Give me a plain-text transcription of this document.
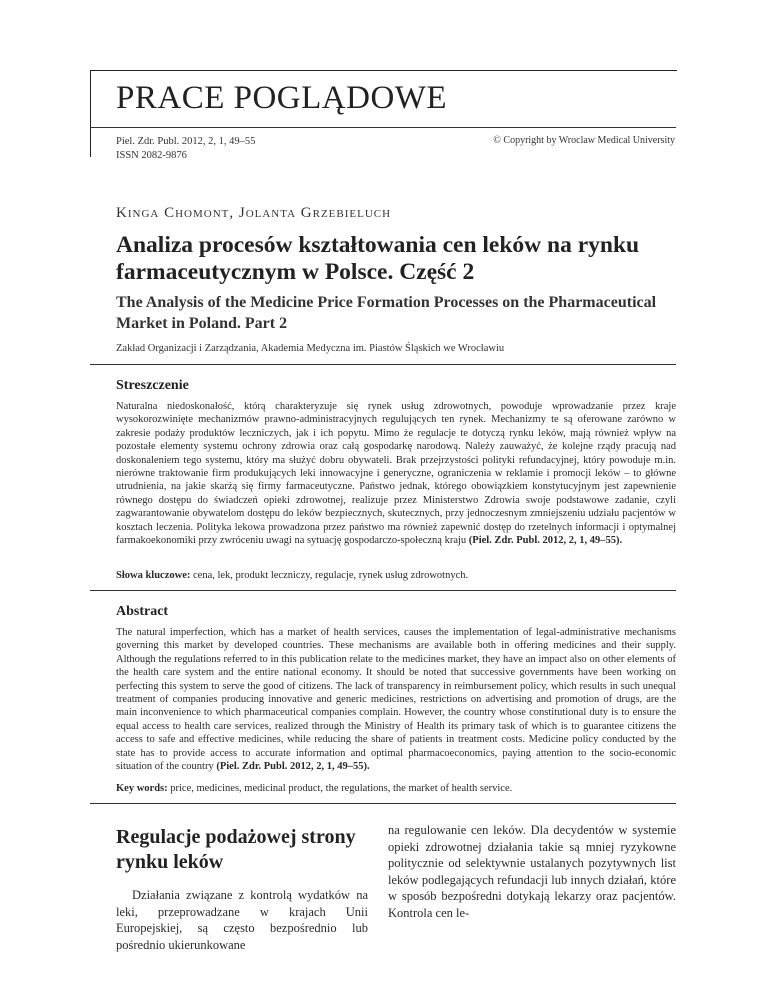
PRACE POGLĄDOWE
Piel. Zdr. Publ. 2012, 2, 1, 49–55
ISSN 2082-9876
© Copyright by Wroclaw Medical University
Kinga Chomont, Jolanta Grzebieluch
Analiza procesów kształtowania cen leków na rynku farmaceutycznym w Polsce. Część 2
The Analysis of the Medicine Price Formation Processes on the Pharmaceutical Market in Poland. Part 2
Zakład Organizacji i Zarządzania, Akademia Medyczna im. Piastów Śląskich we Wrocławiu
Streszczenie

Naturalna niedoskonałość, którą charakteryzuje się rynek usług zdrowotnych, powoduje wprowadzanie przez kraje wysokorozwinięte mechanizmów prawno-administracyjnych regulujących ten rynek. Mechanizmy te są oferowane zarówno w zakresie podaży produktów leczniczych, jak i ich popytu. Mimo że regulacje te dotyczą rynku leków, mają również wpływ na pozostałe elementy systemu ochrony zdrowia oraz całą gospodarkę narodową. Należy zauważyć, że kolejne rządy pracują nad doskonaleniem tego systemu, który ma służyć dobru obywateli. Brak przejrzystości polityki refundacyjnej, który powoduje m.in. nierówne traktowanie firm produkujących leki innowacyjne i generyczne, ograniczenia w reklamie i promocji leków – to główne utrudnienia, na jakie skarżą się firmy farmaceutyczne. Państwo jednak, którego obowiązkiem konstytucyjnym jest zapewnienie równego dostępu do świadczeń opieki zdrowotnej, realizuje przez Ministerstwo Zdrowia swoje podstawowe zadanie, czyli zagwarantowanie obywatelom dostępu do leków bezpiecznych, skutecznych, przy jednoczesnym zmniejszeniu udziału pacjentów w kosztach leczenia. Polityka lekowa prowadzona przez państwo ma również zapewnić dostęp do rzetelnych informacji i optymalnej farmakoekonomiki przy zwróceniu uwagi na sytuację gospodarczo-społeczną kraju (Piel. Zdr. Publ. 2012, 2, 1, 49–55).

Słowa kluczowe: cena, lek, produkt leczniczy, regulacje, rynek usług zdrowotnych.
Abstract

The natural imperfection, which has a market of health services, causes the implementation of legal-administrative mechanisms governing this market by developed countries. These mechanisms are available both in offering medicines and their supply. Although the regulations referred to in this publication relate to the medicines market, they have an impact also on other elements of the health care system and the entire national economy. It should be noted that successive governments have been working on perfecting this system to serve the good of citizens. The lack of transparency in reimbursement policy, which results in such unequal treatment of companies producing innovative and generic medicines, restrictions on advertising and promotion of drugs, are the main inconvenience to which pharmaceutical companies complain. However, the country whose constitutional duty is to ensure the equal access to health care services, realized through the Ministry of Health its primary task of which is to guarantee citizens the access to safe and effective medicines, while reducing the share of patients in treatment costs. Medicine policy conducted by the state has to provide access to accurate information and optimal pharmacoeconomics, paying attention to the socio-economic situation of the country (Piel. Zdr. Publ. 2012, 2, 1, 49–55).

Key words: price, medicines, medicinal product, the regulations, the market of health service.
Regulacje podażowej strony rynku leków

Działania związane z kontrolą wydatków na leki, przeprowadzane w krajach Unii Europejskiej, są często bezpośrednio lub pośrednio ukierunkowane

na regulowanie cen leków. Dla decydentów w systemie opieki zdrowotnej działania takie są mniej ryzykowne politycznie od selektywnie ustalanych pozytywnych list leków podlegających refundacji lub innych działań, które w sposób bezpośredni dotykają lekarzy oraz pacjentów. Kontrola cen le-
